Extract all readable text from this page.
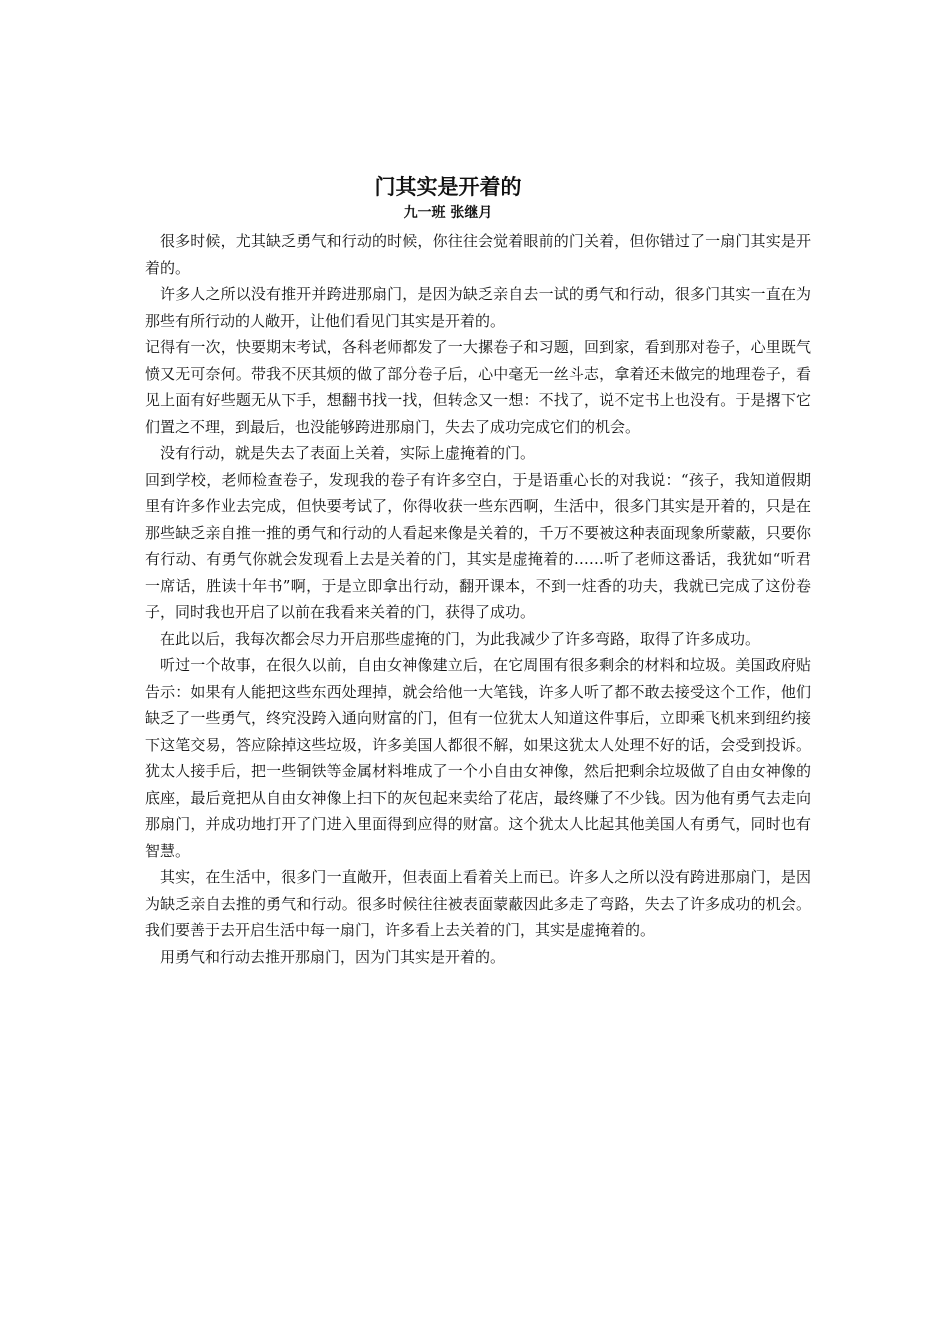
门其实是开着的

九一班 张继月

很多时候，尤其缺乏勇气和行动的时候，你往往会觉着眼前的门关着，但你错过了一扇门其实是开着的。

许多人之所以没有推开并跨进那扇门，是因为缺乏亲自去一试的勇气和行动，很多门其实一直在为那些有所行动的人敞开，让他们看见门其实是开着的。

记得有一次，快要期末考试，各科老师都发了一大摞卷子和习题，回到家，看到那对卷子，心里既气愤又无可奈何。带我不厌其烦的做了部分卷子后，心中毫无一丝斗志，拿着还未做完的地理卷子，看见上面有好些题无从下手，想翻书找一找，但转念又一想：不找了，说不定书上也没有。于是撂下它们置之不理，到最后，也没能够跨进那扇门，失去了成功完成它们的机会。

没有行动，就是失去了表面上关着，实际上虚掩着的门。

回到学校，老师检查卷子，发现我的卷子有许多空白，于是语重心长的对我说：“孩子，我知道假期里有许多作业去完成，但快要考试了，你得收获一些东西啊，生活中，很多门其实是开着的，只是在那些缺乏亲自推一推的勇气和行动的人看起来像是关着的，千万不要被这种表面现象所蒙蔽，只要你有行动、有勇气你就会发现看上去是关着的门，其实是虚掩着的……听了老师这番话，我犹如“听君一席话，胜读十年书”啊，于是立即拿出行动，翻开课本，不到一炷香的功夫，我就已完成了这份卷子，同时我也开启了以前在我看来关着的门，获得了成功。

在此以后，我每次都会尽力开启那些虚掩的门，为此我减少了许多弯路，取得了许多成功。

听过一个故事，在很久以前，自由女神像建立后，在它周围有很多剩余的材料和垃圾。美国政府贴告示：如果有人能把这些东西处理掉，就会给他一大笔钱，许多人听了都不敢去接受这个工作，他们缺乏了一些勇气，终究没跨入通向财富的门，但有一位犹太人知道这件事后，立即乘飞机来到纽约接下这笔交易，答应除掉这些垃圾，许多美国人都很不解，如果这犹太人处理不好的话，会受到投诉。犹太人接手后，把一些铜铁等金属材料堆成了一个小自由女神像，然后把剩余垃圾做了自由女神像的底座，最后竟把从自由女神像上扫下的灰包起来卖给了花店，最终赚了不少钱。因为他有勇气去走向那扇门，并成功地打开了门进入里面得到应得的财富。这个犹太人比起其他美国人有勇气，同时也有智慧。

其实，在生活中，很多门一直敞开，但表面上看着关上而已。许多人之所以没有跨进那扇门，是因为缺乏亲自去推的勇气和行动。很多时候往往被表面蒙蔽因此多走了弯路，失去了许多成功的机会。我们要善于去开启生活中每一扇门，许多看上去关着的门，其实是虚掩着的。

用勇气和行动去推开那扇门，因为门其实是开着的。
